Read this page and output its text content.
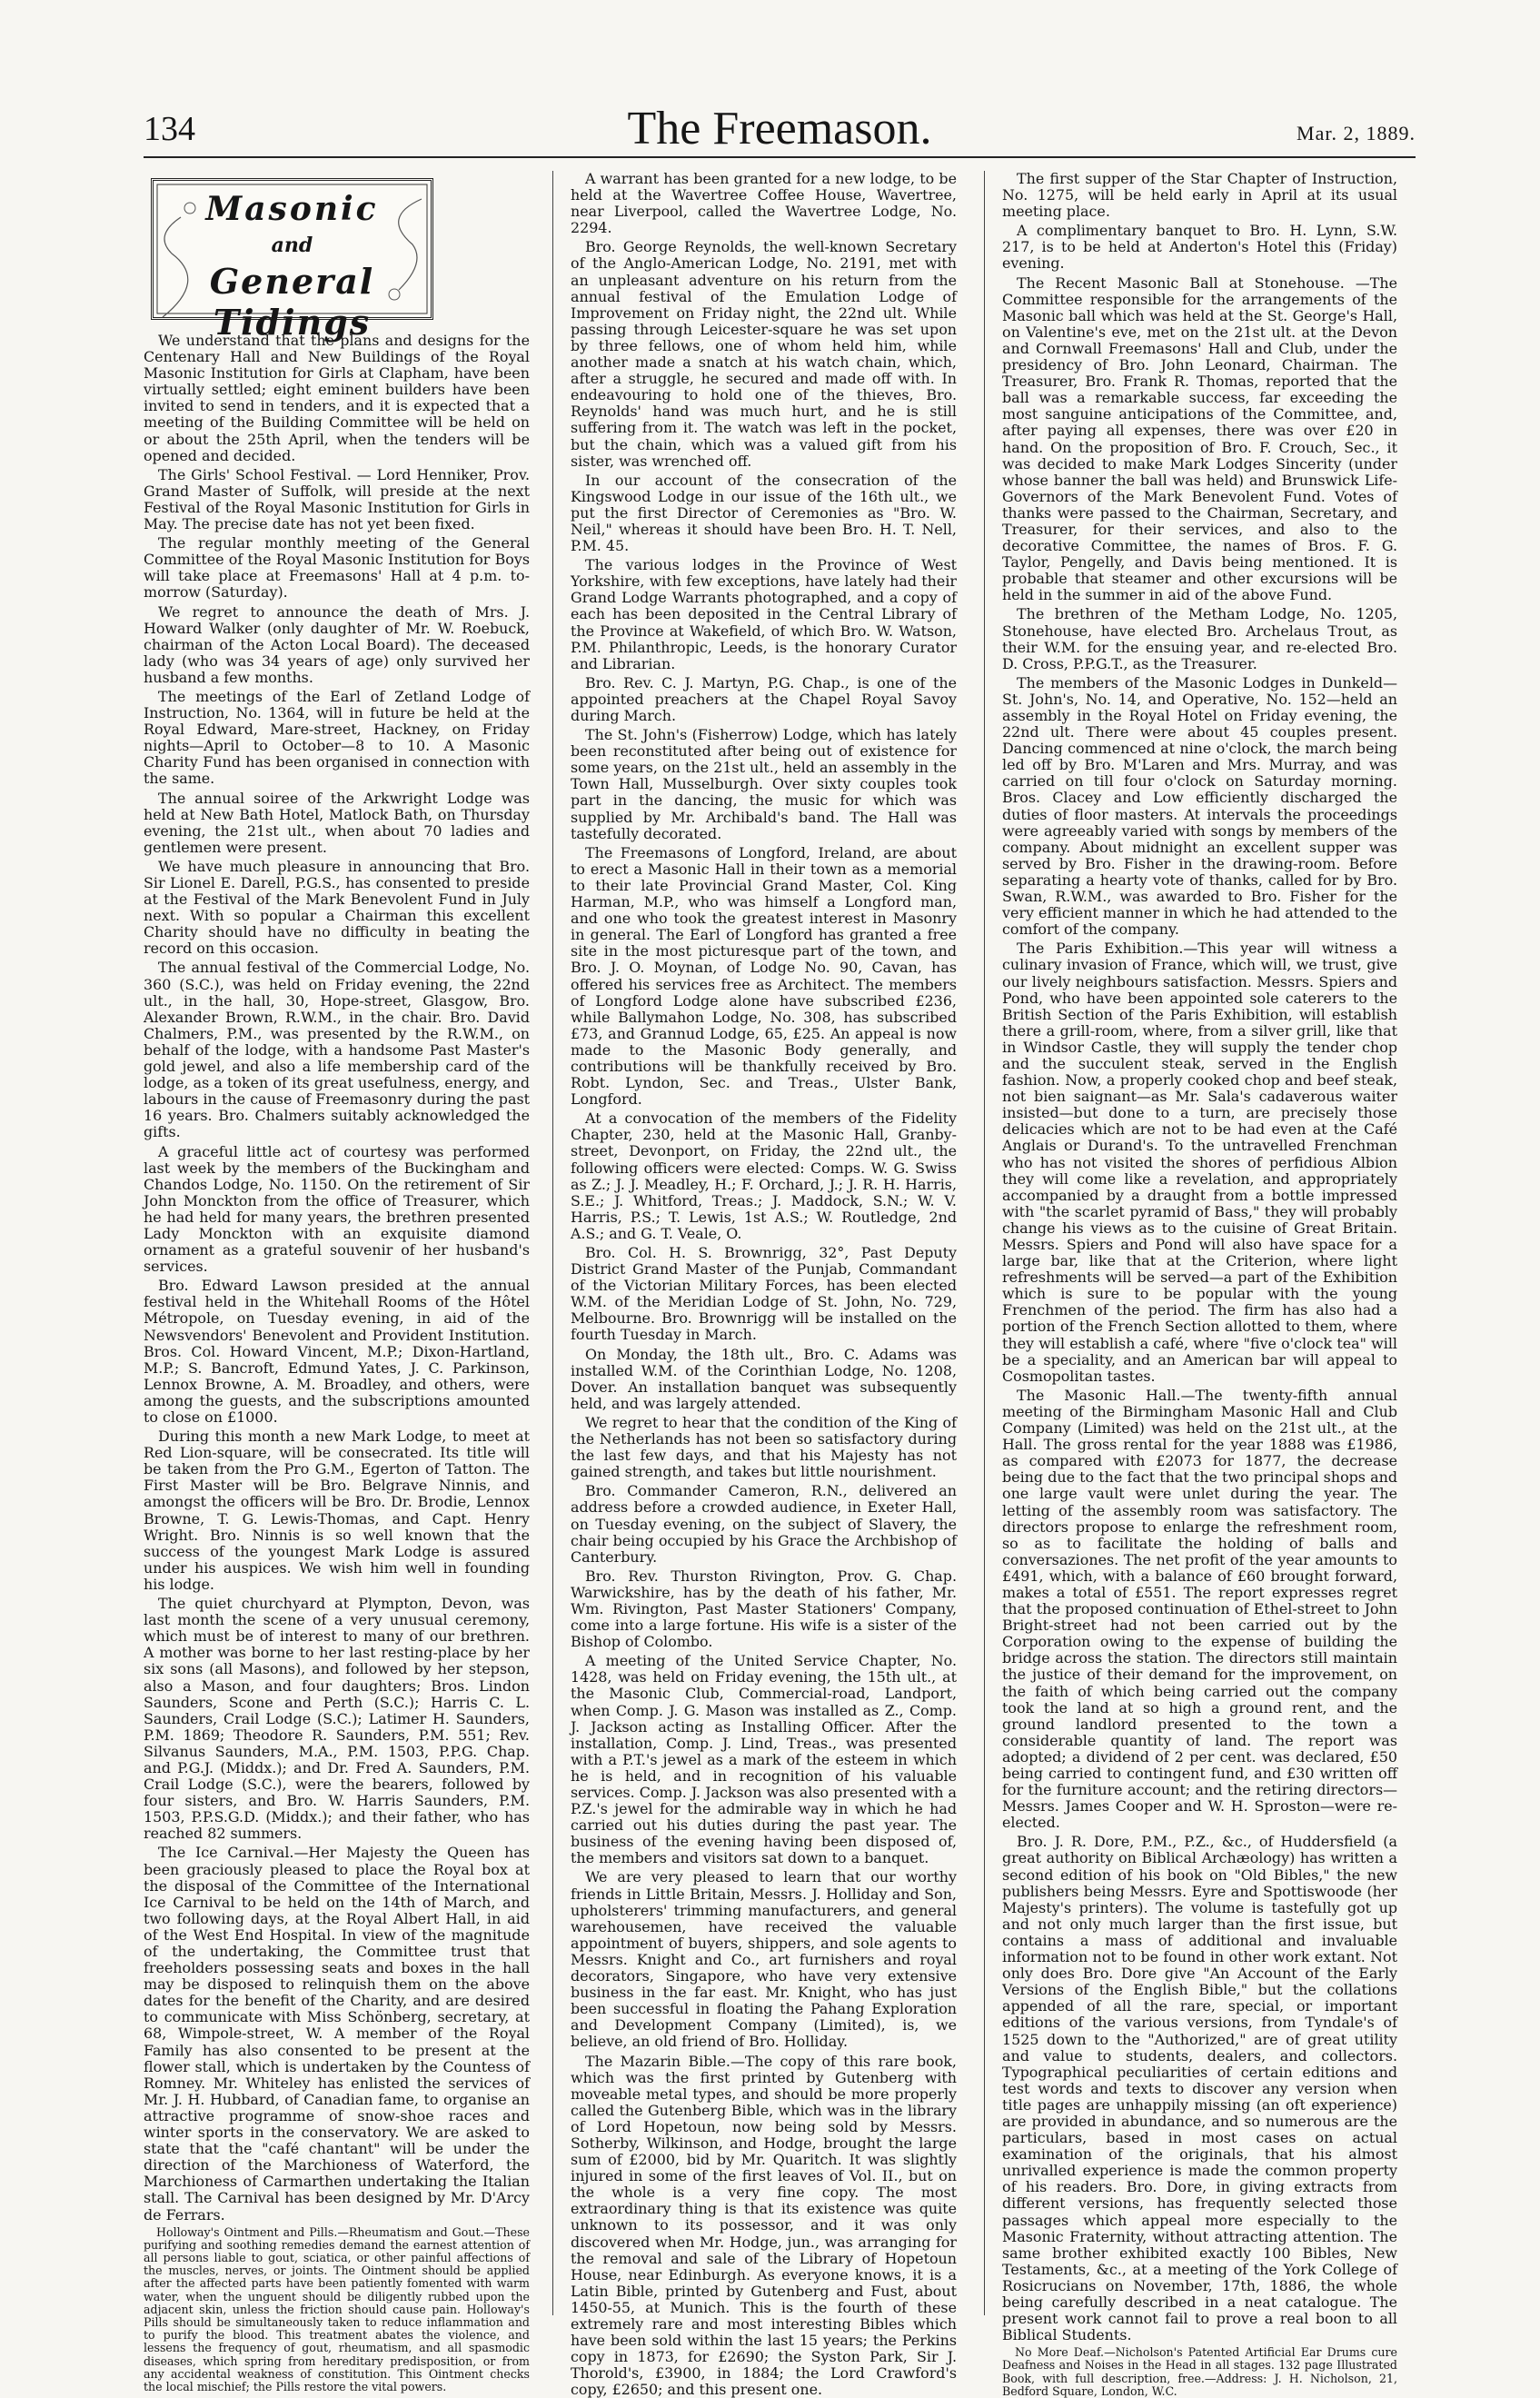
134	The Freemason.	Mar. 2, 1889.
Masonic
and
General Tidings

We understand that the plans and designs for the Centenary Hall and New Buildings of the Royal Masonic Institution for Girls at Clapham, have been virtually settled; eight eminent builders have been invited to send in tenders, and it is expected that a meeting of the Building Committee will be held on or about the 25th April, when the tenders will be opened and decided.

The Girls' School Festival. — Lord Henniker, Prov. Grand Master of Suffolk, will preside at the next Festival of the Royal Masonic Institution for Girls in May. The precise date has not yet been fixed.

The regular monthly meeting of the General Committee of the Royal Masonic Institution for Boys will take place at Freemasons' Hall at 4 p.m. to-morrow (Saturday).

We regret to announce the death of Mrs. J. Howard Walker (only daughter of Mr. W. Roebuck, chairman of the Acton Local Board). The deceased lady (who was 34 years of age) only survived her husband a few months.

The meetings of the Earl of Zetland Lodge of Instruction, No. 1364, will in future be held at the Royal Edward, Mare-street, Hackney, on Friday nights—April to October—8 to 10. A Masonic Charity Fund has been organised in connection with the same.

The annual soiree of the Arkwright Lodge was held at New Bath Hotel, Matlock Bath, on Thursday evening, the 21st ult., when about 70 ladies and gentlemen were present.

We have much pleasure in announcing that Bro. Sir Lionel E. Darell, P.G.S., has consented to preside at the Festival of the Mark Benevolent Fund in July next. With so popular a Chairman this excellent Charity should have no difficulty in beating the record on this occasion.

The annual festival of the Commercial Lodge, No. 360 (S.C.), was held on Friday evening, the 22nd ult., in the hall, 30, Hope-street, Glasgow, Bro. Alexander Brown, R.W.M., in the chair. Bro. David Chalmers, P.M., was presented by the R.W.M., on behalf of the lodge, with a handsome Past Master's gold jewel, and also a life membership card of the lodge, as a token of its great usefulness, energy, and labours in the cause of Freemasonry during the past 16 years. Bro. Chalmers suitably acknowledged the gifts.

A graceful little act of courtesy was performed last week by the members of the Buckingham and Chandos Lodge, No. 1150. On the retirement of Sir John Monckton from the office of Treasurer, which he had held for many years, the brethren presented Lady Monckton with an exquisite diamond ornament as a grateful souvenir of her husband's services.

Bro. Edward Lawson presided at the annual festival held in the Whitehall Rooms of the Hôtel Métropole, on Tuesday evening, in aid of the Newsvendors' Benevolent and Provident Institution. Bros. Col. Howard Vincent, M.P.; Dixon-Hartland, M.P.; S. Bancroft, Edmund Yates, J. C. Parkinson, Lennox Browne, A. M. Broadley, and others, were among the guests, and the subscriptions amounted to close on £1000.

During this month a new Mark Lodge, to meet at Red Lion-square, will be consecrated. Its title will be taken from the Pro G.M., Egerton of Tatton. The First Master will be Bro. Belgrave Ninnis, and amongst the officers will be Bro. Dr. Brodie, Lennox Browne, T. G. Lewis-Thomas, and Capt. Henry Wright. Bro. Ninnis is so well known that the success of the youngest Mark Lodge is assured under his auspices. We wish him well in founding his lodge.

The quiet churchyard at Plympton, Devon, was last month the scene of a very unusual ceremony, which must be of interest to many of our brethren. A mother was borne to her last resting-place by her six sons (all Masons), and followed by her stepson, also a Mason, and four daughters; Bros. Lindon Saunders, Scone and Perth (S.C.); Harris C. L. Saunders, Crail Lodge (S.C.); Latimer H. Saunders, P.M. 1869; Theodore R. Saunders, P.M. 551; Rev. Silvanus Saunders, M.A., P.M. 1503, P.P.G. Chap. and P.G.J. (Middx.); and Dr. Fred A. Saunders, P.M. Crail Lodge (S.C.), were the bearers, followed by four sisters, and Bro. W. Harris Saunders, P.M. 1503, P.P.S.G.D. (Middx.); and their father, who has reached 82 summers.

The Ice Carnival.—Her Majesty the Queen has been graciously pleased to place the Royal box at the disposal of the Committee of the International Ice Carnival to be held on the 14th of March, and two following days, at the Royal Albert Hall, in aid of the West End Hospital. In view of the magnitude of the undertaking, the Committee trust that freeholders possessing seats and boxes in the hall may be disposed to relinquish them on the above dates for the benefit of the Charity, and are desired to communicate with Miss Schönberg, secretary, at 68, Wimpole-street, W. A member of the Royal Family has also consented to be present at the flower stall, which is undertaken by the Countess of Romney. Mr. Whiteley has enlisted the services of Mr. J. H. Hubbard, of Canadian fame, to organise an attractive programme of snow-shoe races and winter sports in the conservatory. We are asked to state that the "café chantant" will be under the direction of the Marchioness of Waterford, the Marchioness of Carmarthen undertaking the Italian stall. The Carnival has been designed by Mr. D'Arcy de Ferrars.

Holloway's Ointment and Pills.—Rheumatism and Gout.—These purifying and soothing remedies demand the earnest attention of all persons liable to gout, sciatica, or other painful affections of the muscles, nerves, or joints. The Ointment should be applied after the affected parts have been patiently fomented with warm water, when the unguent should be diligently rubbed upon the adjacent skin, unless the friction should cause pain. Holloway's Pills should be simultaneously taken to reduce inflammation and to purify the blood. This treatment abates the violence, and lessens the frequency of gout, rheumatism, and all spasmodic diseases, which spring from hereditary predisposition, or from any accidental weakness of constitution. This Ointment checks the local mischief; the Pills restore the vital powers.

A warrant has been granted for a new lodge, to be held at the Wavertree Coffee House, Wavertree, near Liverpool, called the Wavertree Lodge, No. 2294.

Bro. George Reynolds, the well-known Secretary of the Anglo-American Lodge, No. 2191, met with an unpleasant adventure on his return from the annual festival of the Emulation Lodge of Improvement on Friday night, the 22nd ult. While passing through Leicester-square he was set upon by three fellows, one of whom held him, while another made a snatch at his watch chain, which, after a struggle, he secured and made off with. In endeavouring to hold one of the thieves, Bro. Reynolds' hand was much hurt, and he is still suffering from it. The watch was left in the pocket, but the chain, which was a valued gift from his sister, was wrenched off.

In our account of the consecration of the Kingswood Lodge in our issue of the 16th ult., we put the first Director of Ceremonies as "Bro. W. Neil," whereas it should have been Bro. H. T. Nell, P.M. 45.

The various lodges in the Province of West Yorkshire, with few exceptions, have lately had their Grand Lodge Warrants photographed, and a copy of each has been deposited in the Central Library of the Province at Wakefield, of which Bro. W. Watson, P.M. Philanthropic, Leeds, is the honorary Curator and Librarian.

Bro. Rev. C. J. Martyn, P.G. Chap., is one of the appointed preachers at the Chapel Royal Savoy during March.

The St. John's (Fisherrow) Lodge, which has lately been reconstituted after being out of existence for some years, on the 21st ult., held an assembly in the Town Hall, Musselburgh. Over sixty couples took part in the dancing, the music for which was supplied by Mr. Archibald's band. The Hall was tastefully decorated.

The Freemasons of Longford, Ireland, are about to erect a Masonic Hall in their town as a memorial to their late Provincial Grand Master, Col. King Harman, M.P., who was himself a Longford man, and one who took the greatest interest in Masonry in general. The Earl of Longford has granted a free site in the most picturesque part of the town, and Bro. J. O. Moynan, of Lodge No. 90, Cavan, has offered his services free as Architect. The members of Longford Lodge alone have subscribed £236, while Ballymahon Lodge, No. 308, has subscribed £73, and Grannud Lodge, 65, £25. An appeal is now made to the Masonic Body generally, and contributions will be thankfully received by Bro. Robt. Lyndon, Sec. and Treas., Ulster Bank, Longford.

At a convocation of the members of the Fidelity Chapter, 230, held at the Masonic Hall, Granby-street, Devonport, on Friday, the 22nd ult., the following officers were elected: Comps. W. G. Swiss as Z.; J. J. Meadley, H.; F. Orchard, J.; J. R. H. Harris, S.E.; J. Whitford, Treas.; J. Maddock, S.N.; W. V. Harris, P.S.; T. Lewis, 1st A.S.; W. Routledge, 2nd A.S.; and G. T. Veale, O.

Bro. Col. H. S. Brownrigg, 32°, Past Deputy District Grand Master of the Punjab, Commandant of the Victorian Military Forces, has been elected W.M. of the Meridian Lodge of St. John, No. 729, Melbourne. Bro. Brownrigg will be installed on the fourth Tuesday in March.

On Monday, the 18th ult., Bro. C. Adams was installed W.M. of the Corinthian Lodge, No. 1208, Dover. An installation banquet was subsequently held, and was largely attended.

We regret to hear that the condition of the King of the Netherlands has not been so satisfactory during the last few days, and that his Majesty has not gained strength, and takes but little nourishment.

Bro. Commander Cameron, R.N., delivered an address before a crowded audience, in Exeter Hall, on Tuesday evening, on the subject of Slavery, the chair being occupied by his Grace the Archbishop of Canterbury.

Bro. Rev. Thurston Rivington, Prov. G. Chap. Warwickshire, has by the death of his father, Mr. Wm. Rivington, Past Master Stationers' Company, come into a large fortune. His wife is a sister of the Bishop of Colombo.

A meeting of the United Service Chapter, No. 1428, was held on Friday evening, the 15th ult., at the Masonic Club, Commercial-road, Landport, when Comp. J. G. Mason was installed as Z., Comp. J. Jackson acting as Installing Officer. After the installation, Comp. J. Lind, Treas., was presented with a P.T.'s jewel as a mark of the esteem in which he is held, and in recognition of his valuable services. Comp. J. Jackson was also presented with a P.Z.'s jewel for the admirable way in which he had carried out his duties during the past year. The business of the evening having been disposed of, the members and visitors sat down to a banquet.

We are very pleased to learn that our worthy friends in Little Britain, Messrs. J. Holliday and Son, upholsterers' trimming manufacturers, and general warehousemen, have received the valuable appointment of buyers, shippers, and sole agents to Messrs. Knight and Co., art furnishers and royal decorators, Singapore, who have very extensive business in the far east. Mr. Knight, who has just been successful in floating the Pahang Exploration and Development Company (Limited), is, we believe, an old friend of Bro. Holliday.

The Mazarin Bible.—The copy of this rare book, which was the first printed by Gutenberg with moveable metal types, and should be more properly called the Gutenberg Bible, which was in the library of Lord Hopetoun, now being sold by Messrs. Sotherby, Wilkinson, and Hodge, brought the large sum of £2000, bid by Mr. Quaritch. It was slightly injured in some of the first leaves of Vol. II., but on the whole is a very fine copy. The most extraordinary thing is that its existence was quite unknown to its possessor, and it was only discovered when Mr. Hodge, jun., was arranging for the removal and sale of the Library of Hopetoun House, near Edinburgh. As everyone knows, it is a Latin Bible, printed by Gutenberg and Fust, about 1450-55, at Munich. This is the fourth of these extremely rare and most interesting Bibles which have been sold within the last 15 years; the Perkins copy in 1873, for £2690; the Syston Park, Sir J. Thorold's, £3900, in 1884; the Lord Crawford's copy, £2650; and this present one.

The first supper of the Star Chapter of Instruction, No. 1275, will be held early in April at its usual meeting place.

A complimentary banquet to Bro. H. Lynn, S.W. 217, is to be held at Anderton's Hotel this (Friday) evening.

The Recent Masonic Ball at Stonehouse. —The Committee responsible for the arrangements of the Masonic ball which was held at the St. George's Hall, on Valentine's eve, met on the 21st ult. at the Devon and Cornwall Freemasons' Hall and Club, under the presidency of Bro. John Leonard, Chairman. The Treasurer, Bro. Frank R. Thomas, reported that the ball was a remarkable success, far exceeding the most sanguine anticipations of the Committee, and, after paying all expenses, there was over £20 in hand. On the proposition of Bro. F. Crouch, Sec., it was decided to make Mark Lodges Sincerity (under whose banner the ball was held) and Brunswick Life-Governors of the Mark Benevolent Fund. Votes of thanks were passed to the Chairman, Secretary, and Treasurer, for their services, and also to the decorative Committee, the names of Bros. F. G. Taylor, Pengelly, and Davis being mentioned. It is probable that steamer and other excursions will be held in the summer in aid of the above Fund.

The brethren of the Metham Lodge, No. 1205, Stonehouse, have elected Bro. Archelaus Trout, as their W.M. for the ensuing year, and re-elected Bro. D. Cross, P.P.G.T., as the Treasurer.

The members of the Masonic Lodges in Dunkeld—St. John's, No. 14, and Operative, No. 152—held an assembly in the Royal Hotel on Friday evening, the 22nd ult. There were about 45 couples present. Dancing commenced at nine o'clock, the march being led off by Bro. M'Laren and Mrs. Murray, and was carried on till four o'clock on Saturday morning. Bros. Clacey and Low efficiently discharged the duties of floor masters. At intervals the proceedings were agreeably varied with songs by members of the company. About midnight an excellent supper was served by Bro. Fisher in the drawing-room. Before separating a hearty vote of thanks, called for by Bro. Swan, R.W.M., was awarded to Bro. Fisher for the very efficient manner in which he had attended to the comfort of the company.

The Paris Exhibition.—This year will witness a culinary invasion of France, which will, we trust, give our lively neighbours satisfaction. Messrs. Spiers and Pond, who have been appointed sole caterers to the British Section of the Paris Exhibition, will establish there a grill-room, where, from a silver grill, like that in Windsor Castle, they will supply the tender chop and the succulent steak, served in the English fashion. Now, a properly cooked chop and beef steak, not bien saignant—as Mr. Sala's cadaverous waiter insisted—but done to a turn, are precisely those delicacies which are not to be had even at the Café Anglais or Durand's. To the untravelled Frenchman who has not visited the shores of perfidious Albion they will come like a revelation, and appropriately accompanied by a draught from a bottle impressed with "the scarlet pyramid of Bass," they will probably change his views as to the cuisine of Great Britain. Messrs. Spiers and Pond will also have space for a large bar, like that at the Criterion, where light refreshments will be served—a part of the Exhibition which is sure to be popular with the young Frenchmen of the period. The firm has also had a portion of the French Section allotted to them, where they will establish a café, where "five o'clock tea" will be a speciality, and an American bar will appeal to Cosmopolitan tastes.

The Masonic Hall.—The twenty-fifth annual meeting of the Birmingham Masonic Hall and Club Company (Limited) was held on the 21st ult., at the Hall. The gross rental for the year 1888 was £1986, as compared with £2073 for 1877, the decrease being due to the fact that the two principal shops and one large vault were unlet during the year. The letting of the assembly room was satisfactory. The directors propose to enlarge the refreshment room, so as to facilitate the holding of balls and conversaziones. The net profit of the year amounts to £491, which, with a balance of £60 brought forward, makes a total of £551. The report expresses regret that the proposed continuation of Ethel-street to John Bright-street had not been carried out by the Corporation owing to the expense of building the bridge across the station. The directors still maintain the justice of their demand for the improvement, on the faith of which being carried out the company took the land at so high a ground rent, and the ground landlord presented to the town a considerable quantity of land. The report was adopted; a dividend of 2 per cent. was declared, £50 being carried to contingent fund, and £30 written off for the furniture account; and the retiring directors—Messrs. James Cooper and W. H. Sproston—were re-elected.

Bro. J. R. Dore, P.M., P.Z., &c., of Huddersfield (a great authority on Biblical Archæology) has written a second edition of his book on "Old Bibles," the new publishers being Messrs. Eyre and Spottiswoode (her Majesty's printers). The volume is tastefully got up and not only much larger than the first issue, but contains a mass of additional and invaluable information not to be found in other work extant. Not only does Bro. Dore give "An Account of the Early Versions of the English Bible," but the collations appended of all the rare, special, or important editions of the various versions, from Tyndale's of 1525 down to the "Authorized," are of great utility and value to students, dealers, and collectors. Typographical peculiarities of certain editions and test words and texts to discover any version when title pages are unhappily missing (an oft experience) are provided in abundance, and so numerous are the particulars, based in most cases on actual examination of the originals, that his almost unrivalled experience is made the common property of his readers. Bro. Dore, in giving extracts from different versions, has frequently selected those passages which appeal more especially to the Masonic Fraternity, without attracting attention. The same brother exhibited exactly 100 Bibles, New Testaments, &c., at a meeting of the York College of Rosicrucians on November, 17th, 1886, the whole being carefully described in a neat catalogue. The present work cannot fail to prove a real boon to all Biblical Students.

No More Deaf.—Nicholson's Patented Artificial Ear Drums cure Deafness and Noises in the Head in all stages. 132 page Illustrated Book, with full description, free.—Address: J. H. Nicholson, 21, Bedford Square, London, W.C.
